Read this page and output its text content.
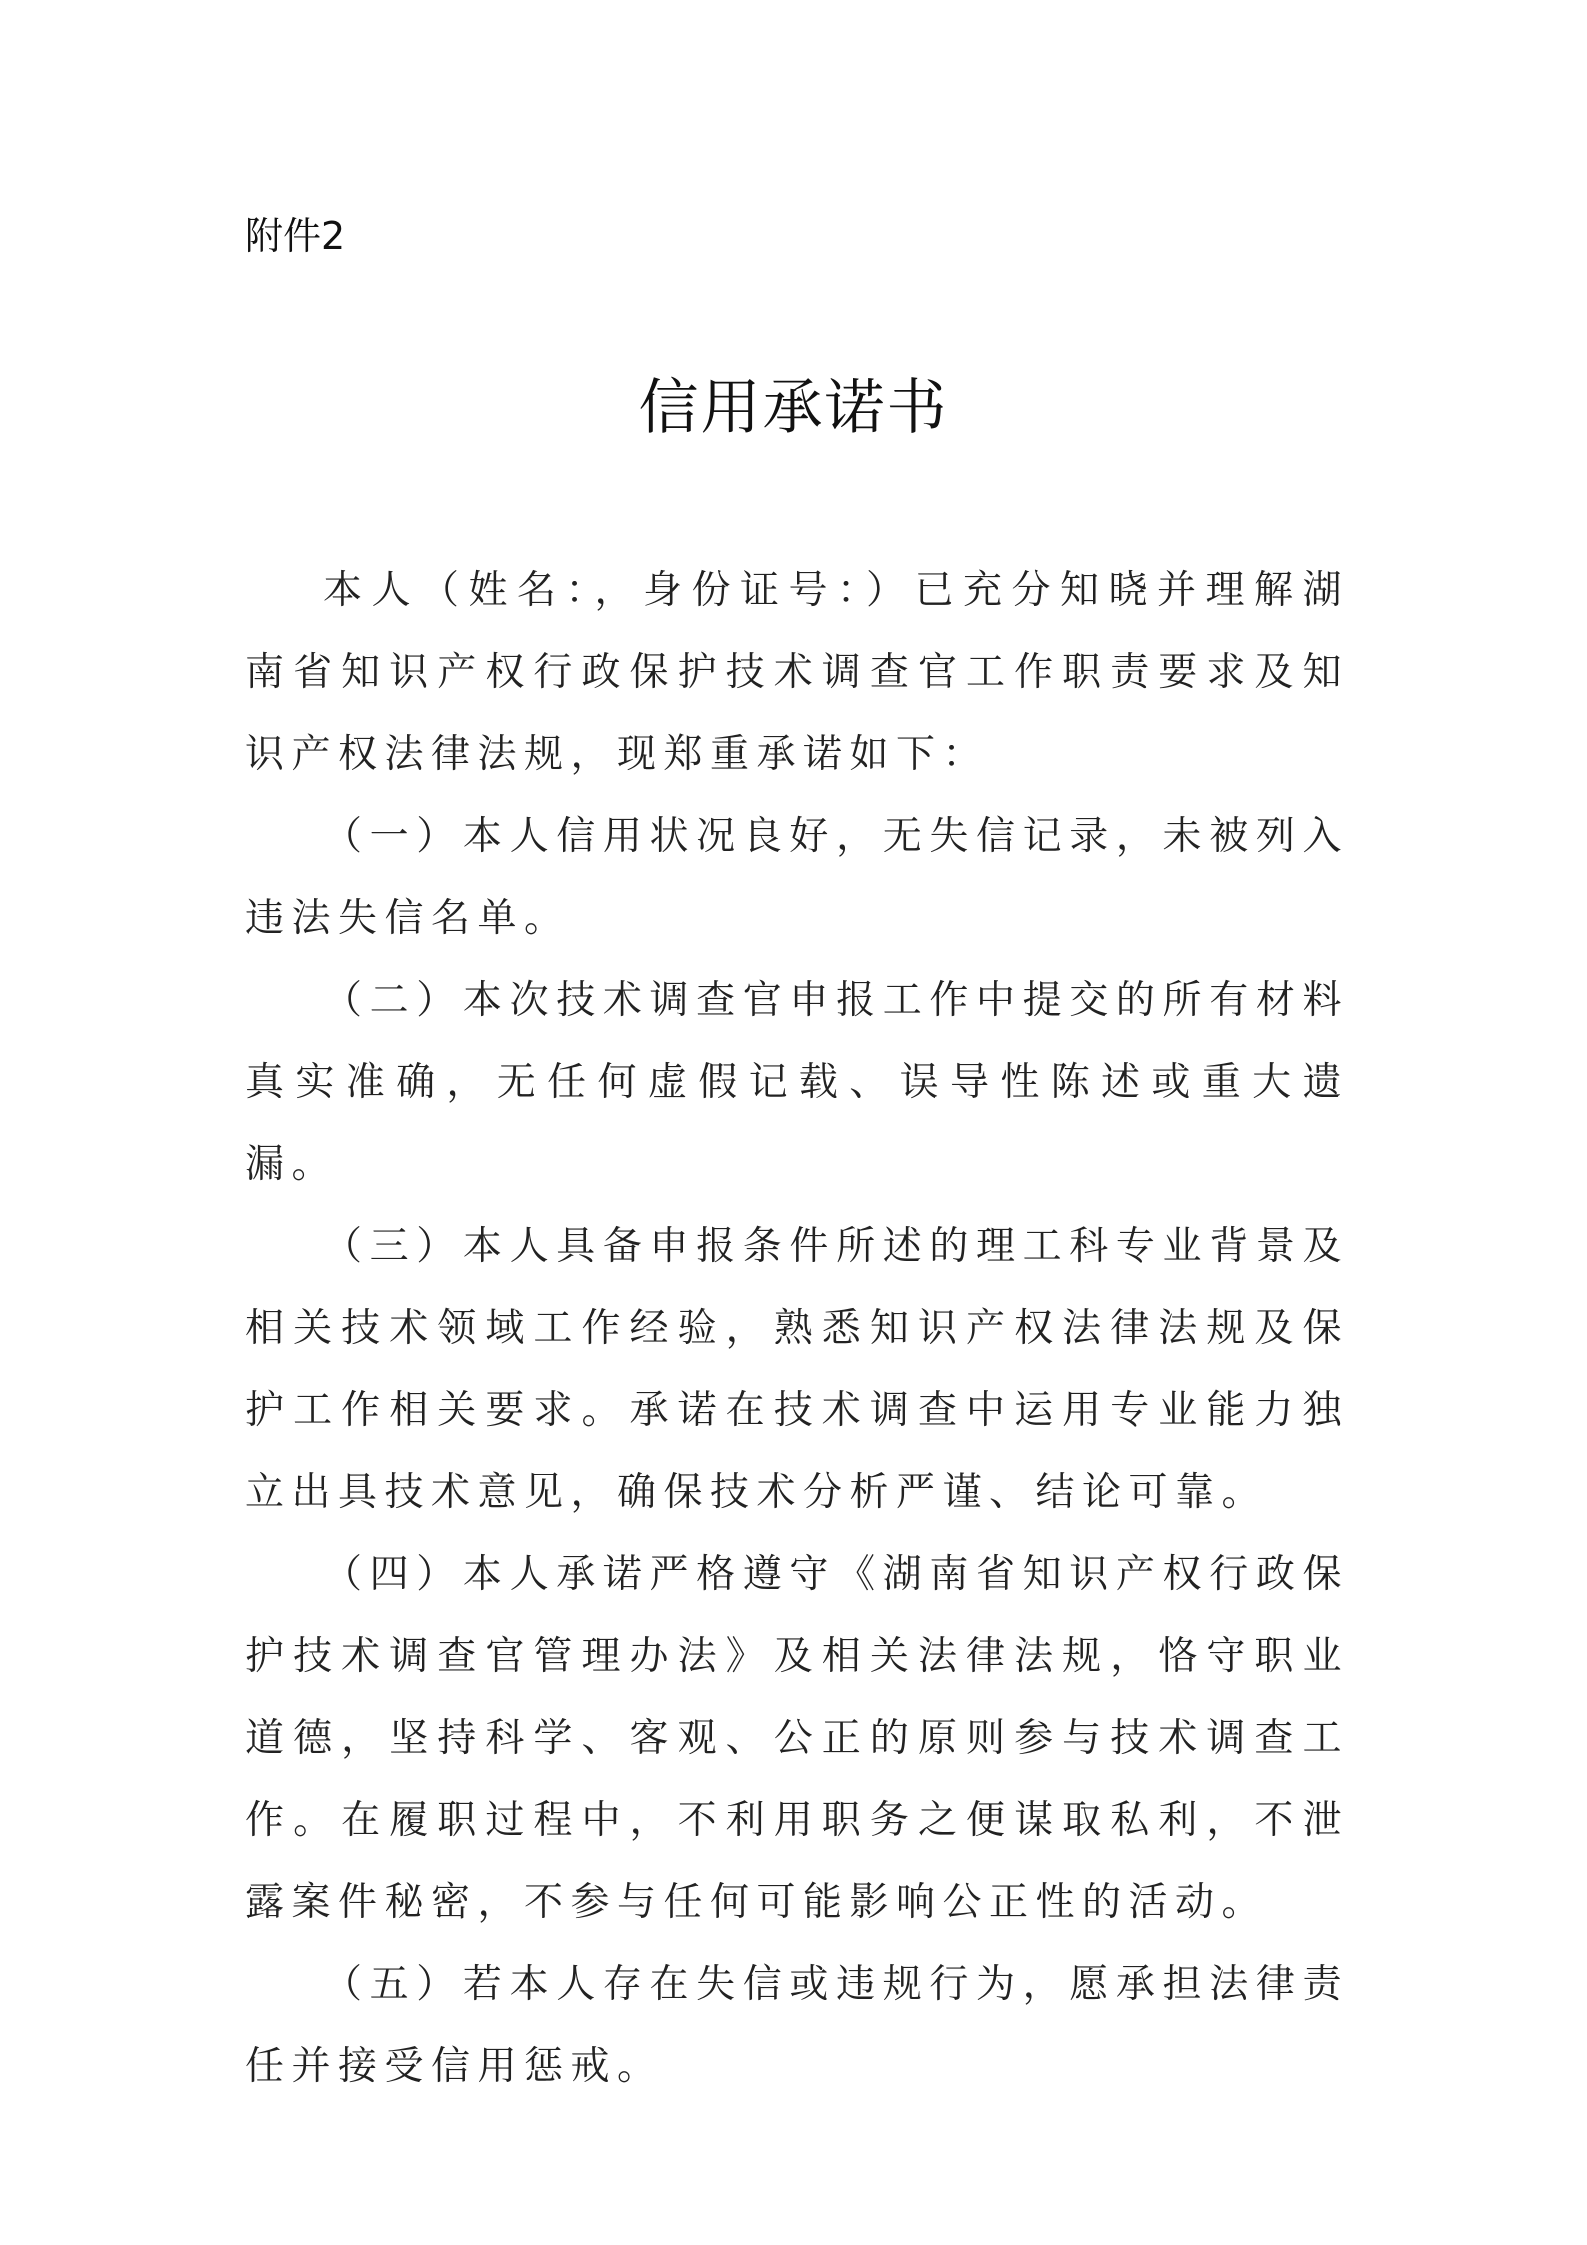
附件2
信用承诺书

本人（姓名：，身份证号：）已充分知晓并理解湖南省知识产权行政保护技术调查官工作职责要求及知识产权法律法规，现郑重承诺如下：

（一）本人信用状况良好，无失信记录，未被列入违法失信名单。

（二）本次技术调查官申报工作中提交的所有材料真实准确，无任何虚假记载、误导性陈述或重大遗漏。

（三）本人具备申报条件所述的理工科专业背景及相关技术领域工作经验，熟悉知识产权法律法规及保护工作相关要求。承诺在技术调查中运用专业能力独立出具技术意见，确保技术分析严谨、结论可靠。

（四）本人承诺严格遵守《湖南省知识产权行政保护技术调查官管理办法》及相关法律法规，恪守职业道德，坚持科学、客观、公正的原则参与技术调查工作。在履职过程中，不利用职务之便谋取私利，不泄露案件秘密，不参与任何可能影响公正性的活动。

（五）若本人存在失信或违规行为，愿承担法律责任并接受信用惩戒。
